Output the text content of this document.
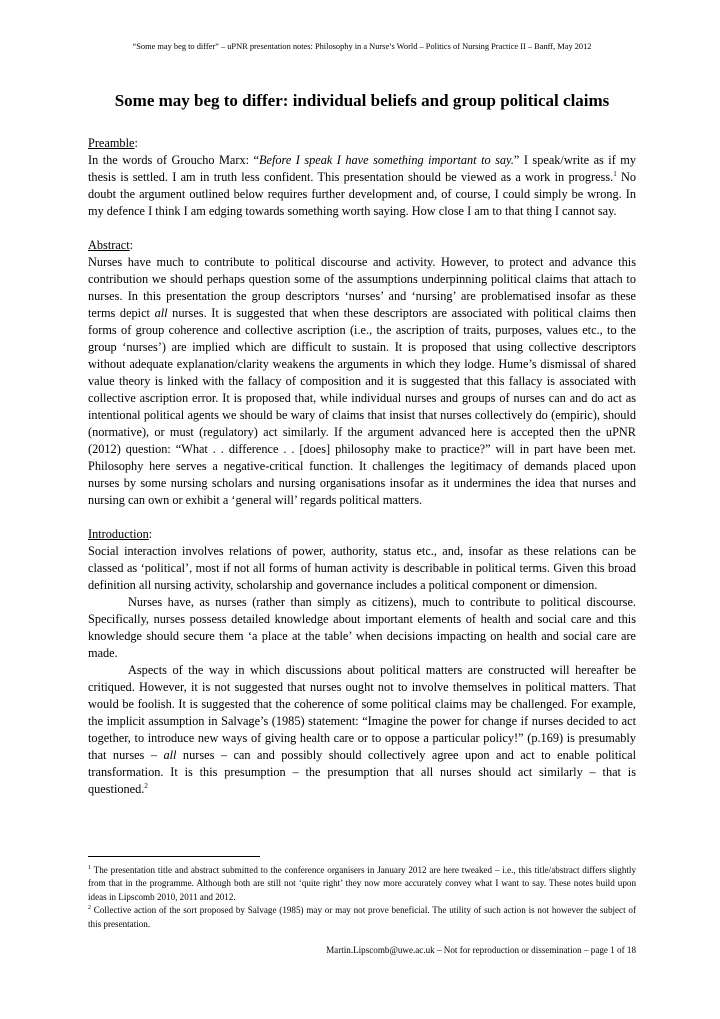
“Some may beg to differ” – uPNR presentation notes: Philosophy in a Nurse’s World – Politics of Nursing Practice II – Banff, May 2012
Some may beg to differ: individual beliefs and group political claims

Preamble:

In the words of Groucho Marx: “Before I speak I have something important to say.” I speak/write as if my thesis is settled. I am in truth less confident. This presentation should be viewed as a work in progress.$^1$ No doubt the argument outlined below requires further development and, of course, I could simply be wrong. In my defence I think I am edging towards something worth saying. How close I am to that thing I cannot say.

Abstract:

Nurses have much to contribute to political discourse and activity. However, to protect and advance this contribution we should perhaps question some of the assumptions underpinning political claims that attach to nurses. In this presentation the group descriptors ‘nurses’ and ‘nursing’ are problematised insofar as these terms depict all nurses. It is suggested that when these descriptors are associated with political claims then forms of group coherence and collective ascription (i.e., the ascription of traits, purposes, values etc., to the group ‘nurses’) are implied which are difficult to sustain. It is proposed that using collective descriptors without adequate explanation/clarity weakens the arguments in which they lodge. Hume’s dismissal of shared value theory is linked with the fallacy of composition and it is suggested that this fallacy is associated with collective ascription error. It is proposed that, while individual nurses and groups of nurses can and do act as intentional political agents we should be wary of claims that insist that nurses collectively do (empiric), should (normative), or must (regulatory) act similarly. If the argument advanced here is accepted then the uPNR (2012) question: “What . . difference . . [does] philosophy make to practice?” will in part have been met. Philosophy here serves a negative-critical function. It challenges the legitimacy of demands placed upon nurses by some nursing scholars and nursing organisations insofar as it undermines the idea that nurses and nursing can own or exhibit a ‘general will’ regards political matters.

Introduction:

Social interaction involves relations of power, authority, status etc., and, insofar as these relations can be classed as ‘political’, most if not all forms of human activity is describable in political terms. Given this broad definition all nursing activity, scholarship and governance includes a political component or dimension.

Nurses have, as nurses (rather than simply as citizens), much to contribute to political discourse. Specifically, nurses possess detailed knowledge about important elements of health and social care and this knowledge should secure them ‘a place at the table’ when decisions impacting on health and social care are made.

Aspects of the way in which discussions about political matters are constructed will hereafter be critiqued. However, it is not suggested that nurses ought not to involve themselves in political matters. That would be foolish. It is suggested that the coherence of some political claims may be challenged. For example, the implicit assumption in Salvage’s (1985) statement: “Imagine the power for change if nurses decided to act together, to introduce new ways of giving health care or to oppose a particular policy!” (p.169) is presumably that nurses – all nurses – can and possibly should collectively agree upon and act to enable political transformation. It is this presumption – the presumption that all nurses should act similarly – that is questioned.$^2$

$^1$ The presentation title and abstract submitted to the conference organisers in January 2012 are here tweaked – i.e., this title/abstract differs slightly from that in the programme. Although both are still not ‘quite right’ they now more accurately convey what I want to say. These notes build upon ideas in Lipscomb 2010, 2011 and 2012.

$^2$ Collective action of the sort proposed by Salvage (1985) may or may not prove beneficial. The utility of such action is not however the subject of this presentation.

Martin.Lipscomb@uwe.ac.uk – Not for reproduction or dissemination – page 1 of 18
